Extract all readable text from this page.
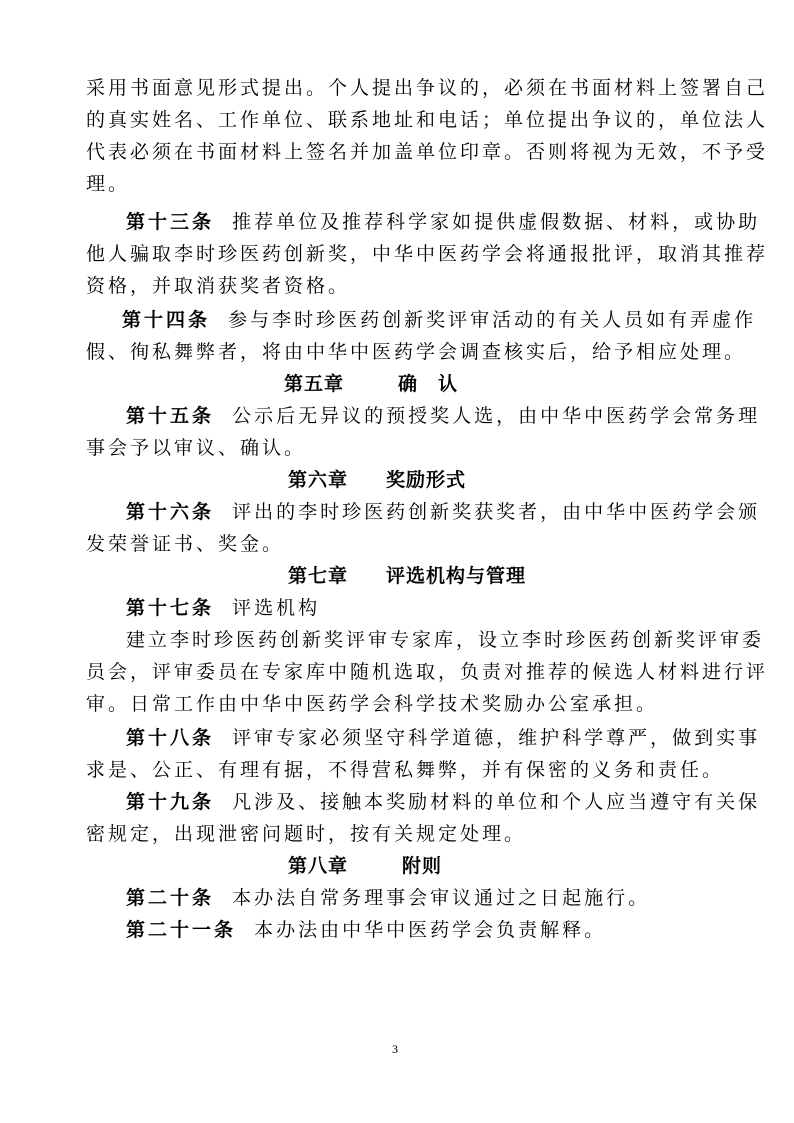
采用书面意见形式提出。个人提出争议的，必须在书面材料上签署自己
的真实姓名、工作单位、联系地址和电话；单位提出争议的，单位法人
代表必须在书面材料上签名并加盖单位印章。否则将视为无效，不予受
理。
第十三条 推荐单位及推荐科学家如提供虚假数据、材料，或协助
他人骗取李时珍医药创新奖，中华中医药学会将通报批评，取消其推荐
资格，并取消获奖者资格。
第十四条 参与李时珍医药创新奖评审活动的有关人员如有弄虚作
假、徇私舞弊者，将由中华中医药学会调查核实后，给予相应处理。
第五章	确　认
第十五条 公示后无异议的预授奖人选，由中华中医药学会常务理
事会予以审议、确认。
第六章 奖励形式
第十六条 评出的李时珍医药创新奖获奖者，由中华中医药学会颁
发荣誉证书、奖金。
第七章 评选机构与管理
第十七条 评选机构
建立李时珍医药创新奖评审专家库，设立李时珍医药创新奖评审委
员会，评审委员在专家库中随机选取，负责对推荐的候选人材料进行评
审。日常工作由中华中医药学会科学技术奖励办公室承担。
第十八条 评审专家必须坚守科学道德，维护科学尊严，做到实事
求是、公正、有理有据，不得营私舞弊，并有保密的义务和责任。
第十九条 凡涉及、接触本奖励材料的单位和个人应当遵守有关保
密规定，出现泄密问题时，按有关规定处理。
第八章	附则
第二十条 本办法自常务理事会审议通过之日起施行。
第二十一条 本办法由中华中医药学会负责解释。
3
